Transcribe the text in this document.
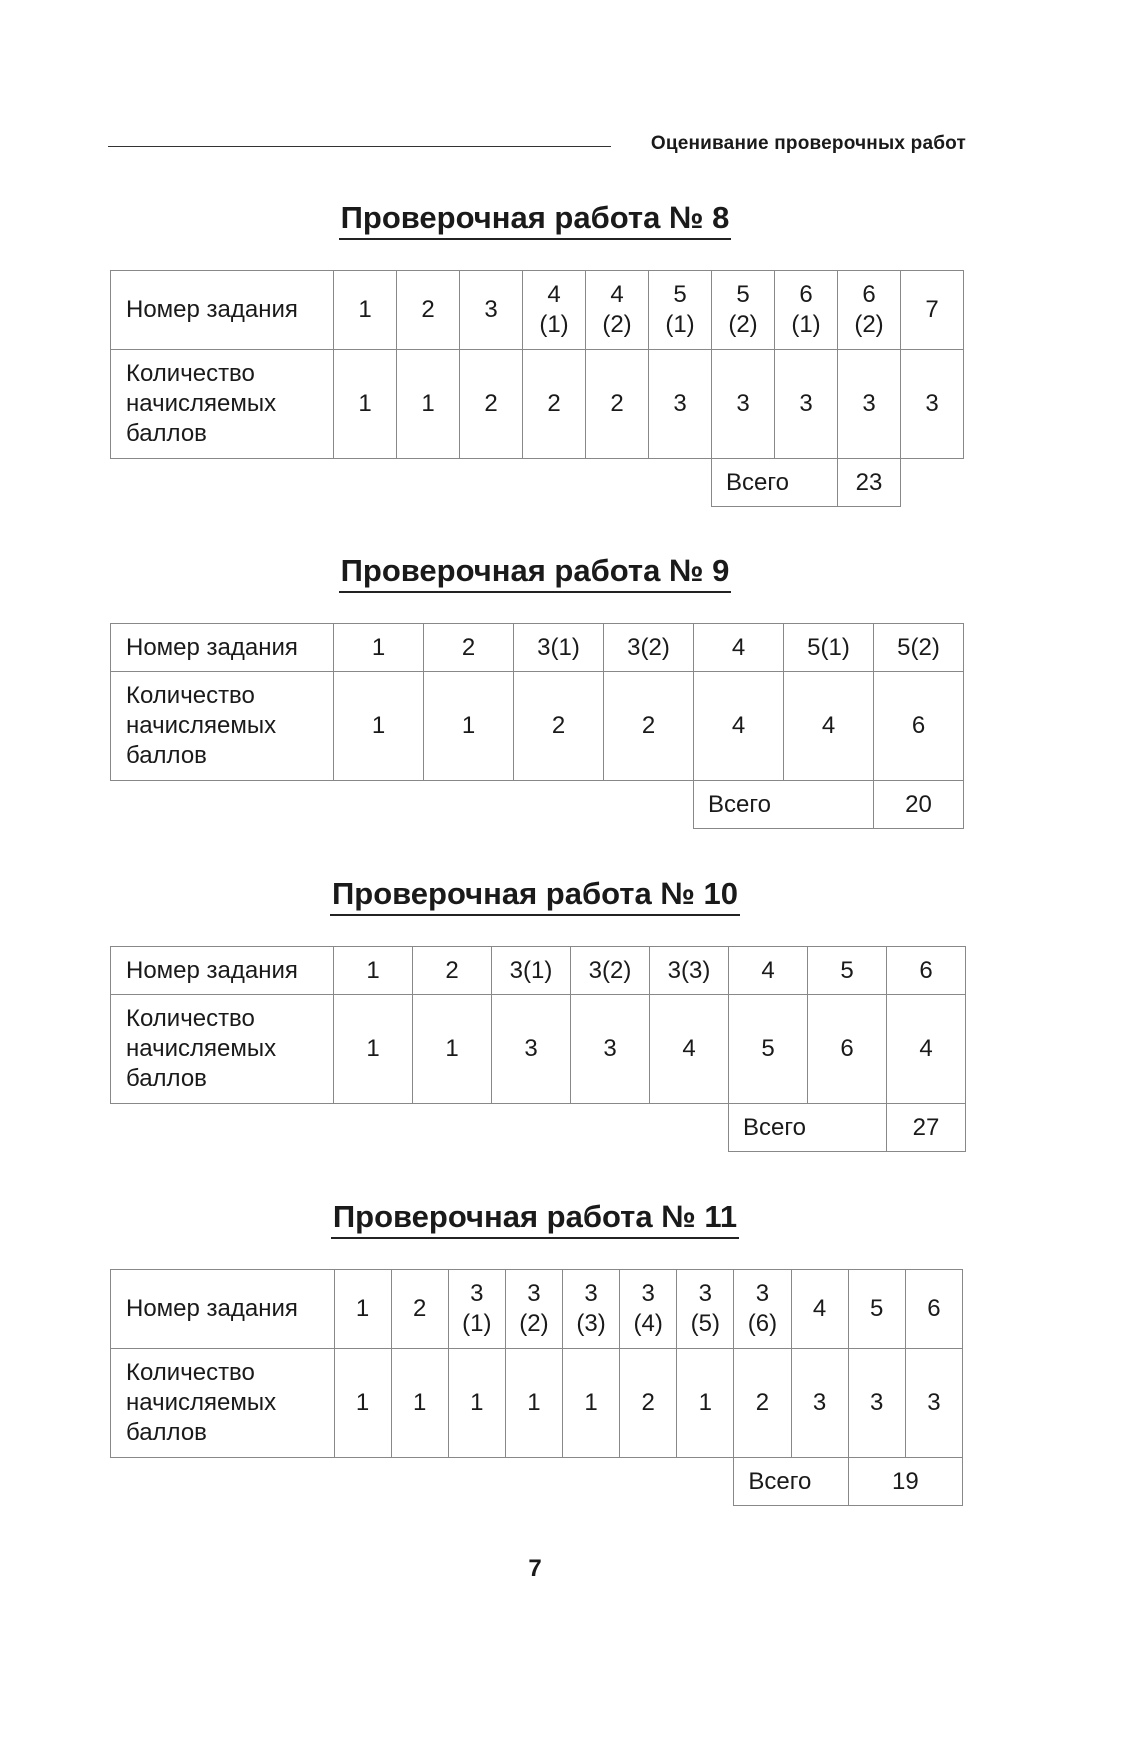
Оценивание проверочных работ
Проверочная работа № 8
Номер задания	1	2	3	4 (1)	4 (2)	5 (1)	5 (2)	6 (1)	6 (2)	7
Количество начисляемых баллов	1	1	2	2	2	3	3	3	3	3
							Всего		23	
Проверочная работа № 9
Номер задания	1	2	3(1)	3(2)	4	5(1)	5(2)
Количество начисляемых баллов	1	1	2	2	4	4	6
					Всего		20
Проверочная работа № 10
Номер задания	1	2	3(1)	3(2)	3(3)	4	5	6
Количество начисляемых баллов	1	1	3	3	4	5	6	4
						Всего		27
Проверочная работа № 11
Номер задания	1	2	3 (1)	3 (2)	3 (3)	3 (4)	3 (5)	3 (6)	4	5	6
Количество начисляемых баллов	1	1	1	1	1	2	1	2	3	3	3
								Всего		19	
7
